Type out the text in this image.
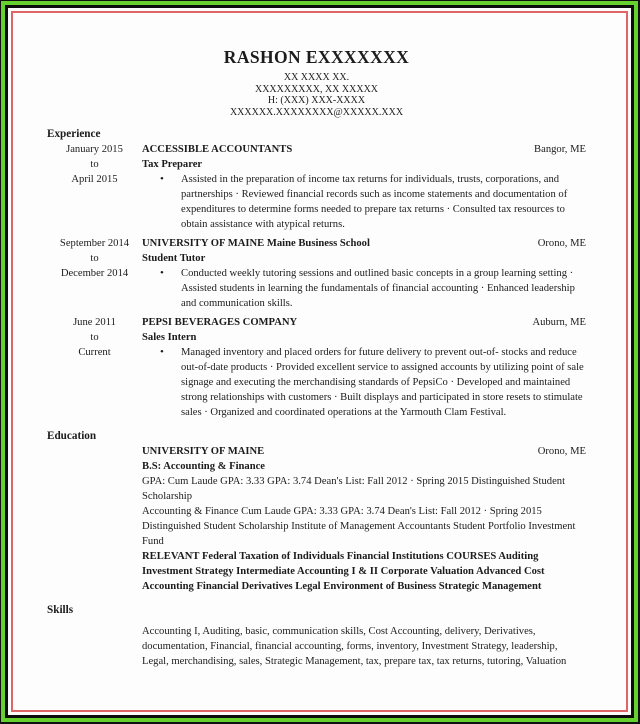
RASHON EXXXXXXX
XX XXXX XX.
XXXXXXXXX, XX XXXXX
H: (XXX) XXX-XXXX
XXXXXX.XXXXXXXX@XXXXX.XXX
Experience
January 2015
to
April 2015
ACCESSIBLE ACCOUNTANTS	Bangor, ME
Tax Preparer
• Assisted in the preparation of income tax returns for individuals, trusts, corporations, and partnerships · Reviewed financial records such as income statements and documentation of expenditures to determine forms needed to prepare tax returns · Consulted tax resources to obtain assistance with atypical returns.
September 2014
to
December 2014
UNIVERSITY OF MAINE Maine Business School	Orono, ME
Student Tutor
• Conducted weekly tutoring sessions and outlined basic concepts in a group learning setting · Assisted students in learning the fundamentals of financial accounting · Enhanced leadership and communication skills.
June 2011
to
Current
PEPSI BEVERAGES COMPANY	Auburn, ME
Sales Intern
• Managed inventory and placed orders for future delivery to prevent out-of- stocks and reduce out-of-date products · Provided excellent service to assigned accounts by utilizing point of sale signage and executing the merchandising standards of PepsiCo · Developed and maintained strong relationships with customers · Built displays and participated in store resets to stimulate sales · Organized and coordinated operations at the Yarmouth Clam Festival.
Education
UNIVERSITY OF MAINE	Orono, ME
B.S: Accounting & Finance
GPA: Cum Laude GPA: 3.33 GPA: 3.74 Dean's List: Fall 2012 · Spring 2015 Distinguished Student Scholarship
Accounting & Finance Cum Laude GPA: 3.33 GPA: 3.74 Dean's List: Fall 2012 · Spring 2015 Distinguished Student Scholarship Institute of Management Accountants Student Portfolio Investment Fund
RELEVANT Federal Taxation of Individuals Financial Institutions COURSES Auditing Investment Strategy Intermediate Accounting I & II Corporate Valuation Advanced Cost Accounting Financial Derivatives Legal Environment of Business Strategic Management
Skills
Accounting I, Auditing, basic, communication skills, Cost Accounting, delivery, Derivatives, documentation, Financial, financial accounting, forms, inventory, Investment Strategy, leadership, Legal, merchandising, sales, Strategic Management, tax, prepare tax, tax returns, tutoring, Valuation
